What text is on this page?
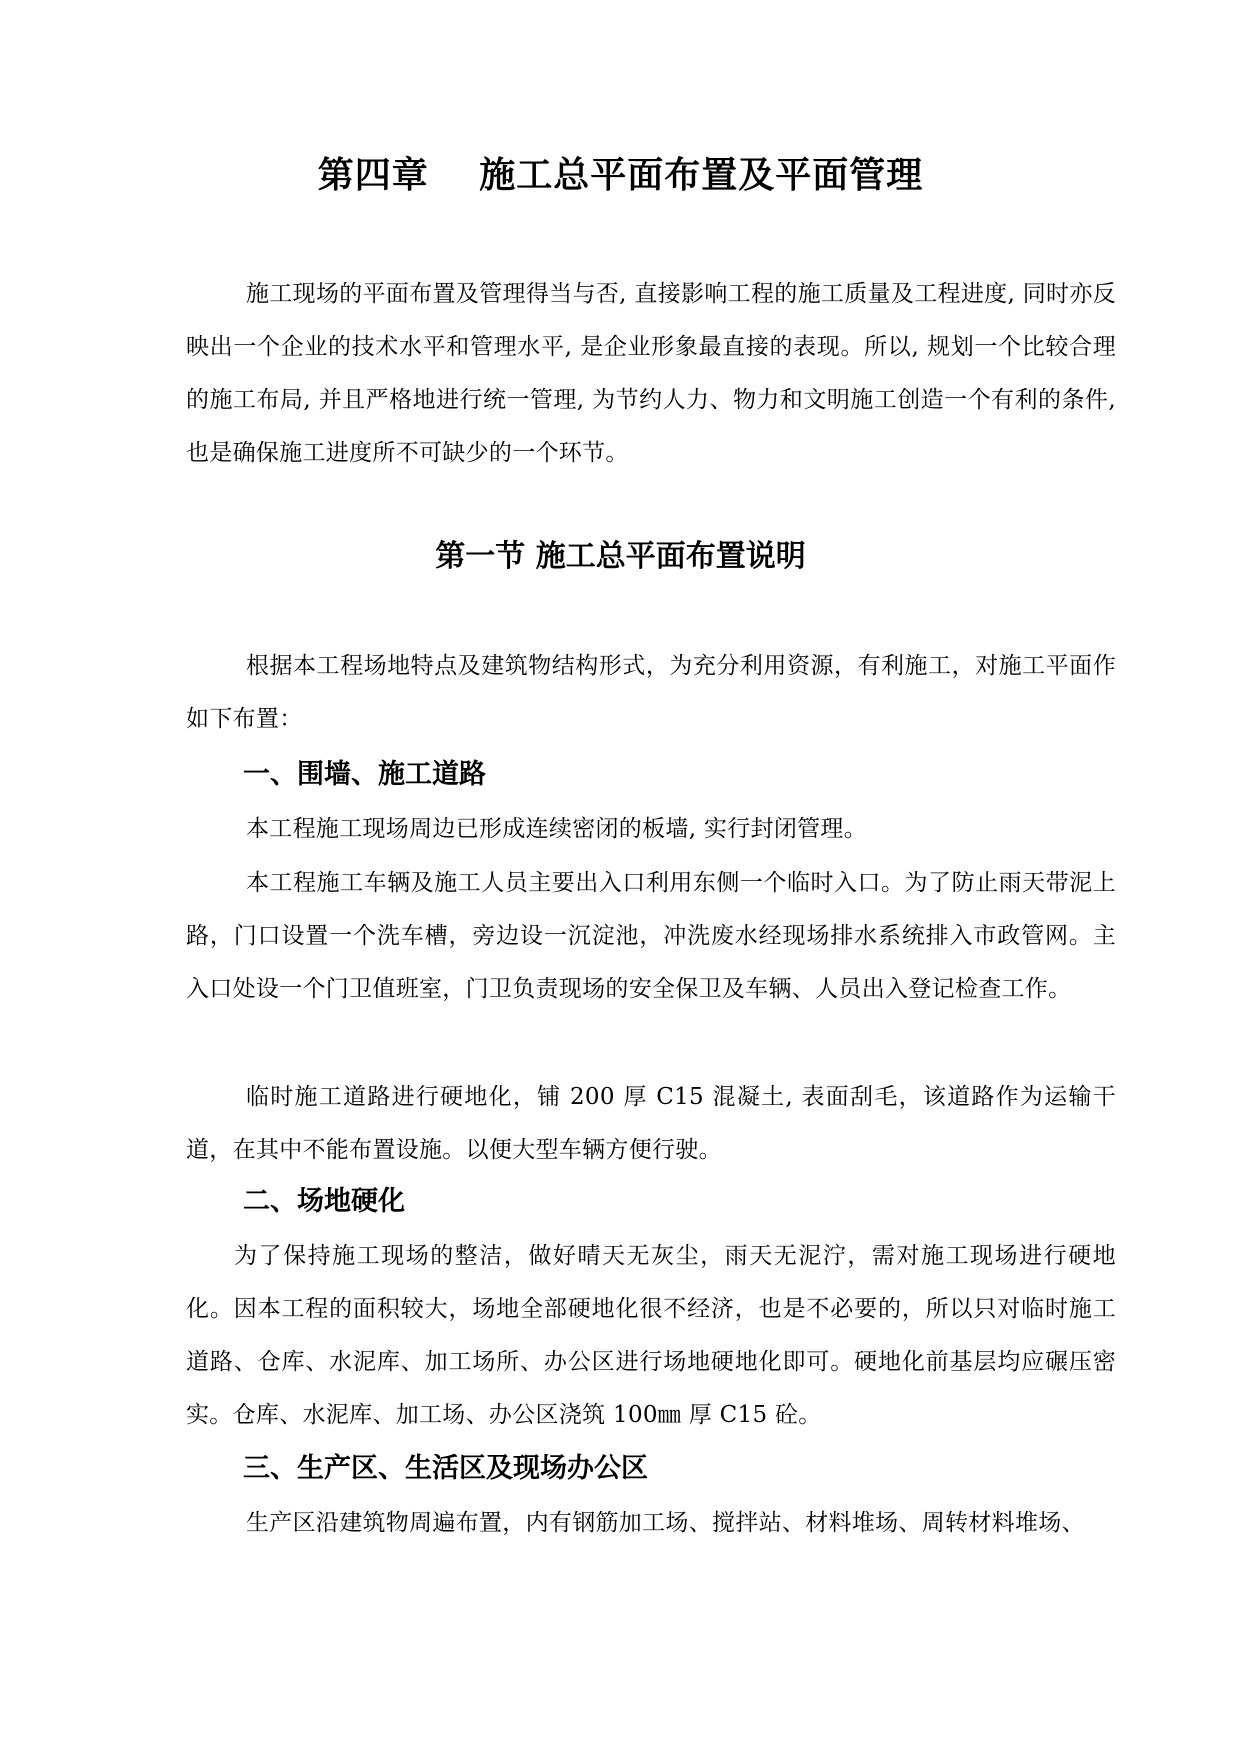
第四章　 施工总平面布置及平面管理
施工现场的平面布置及管理得当与否, 直接影响工程的施工质量及工程进度, 同时亦反映出一个企业的技术水平和管理水平, 是企业形象最直接的表现。所以, 规划一个比较合理的施工布局, 并且严格地进行统一管理, 为节约人力、物力和文明施工创造一个有利的条件, 也是确保施工进度所不可缺少的一个环节。
第一节 施工总平面布置说明
根据本工程场地特点及建筑物结构形式，为充分利用资源，有利施工，对施工平面作如下布置：
一、围墙、施工道路
本工程施工现场周边已形成连续密闭的板墙, 实行封闭管理。
本工程施工车辆及施工人员主要出入口利用东侧一个临时入口。为了防止雨天带泥上路，门口设置一个洗车槽，旁边设一沉淀池，冲洗废水经现场排水系统排入市政管网。主入口处设一个门卫值班室，门卫负责现场的安全保卫及车辆、人员出入登记检查工作。
临时施工道路进行硬地化，铺 200 厚 C15 混凝土, 表面刮毛，该道路作为运输干道，在其中不能布置设施。以便大型车辆方便行驶。
二、场地硬化
为了保持施工现场的整洁，做好晴天无灰尘，雨天无泥泞，需对施工现场进行硬地化。因本工程的面积较大，场地全部硬地化很不经济，也是不必要的，所以只对临时施工道路、仓库、水泥库、加工场所、办公区进行场地硬地化即可。硬地化前基层均应碾压密实。仓库、水泥库、加工场、办公区浇筑 100㎜ 厚 C15 砼。
三、生产区、生活区及现场办公区
生产区沿建筑物周遍布置，内有钢筋加工场、搅拌站、材料堆场、周转材料堆场、
